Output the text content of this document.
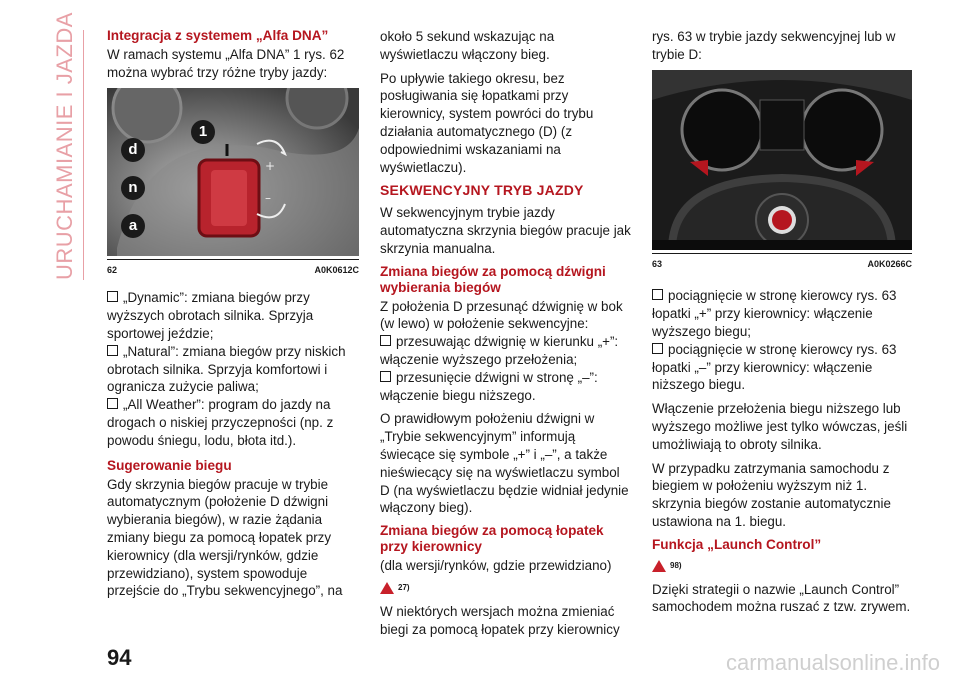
URUCHAMIANIE I JAZDA Integracja z systemem „Alfa DNA”

W ramach systemu „Alfa DNA” 1 rys. 62 można wybrać trzy różne tryby jazdy:

+
–
d
n
a
1
62	A0K0612C
„Dynamic”: zmiana biegów przy wyższych obrotach silnika. Sprzyja sportowej jeździe;
„Natural”: zmiana biegów przy niskich obrotach silnika. Sprzyja komfortowi i ogranicza zużycie paliwa;
„All Weather”: program do jazdy na drogach o niskiej przyczepności (np. z powodu śniegu, lodu, błota itd.).
Sugerowanie biegu

Gdy skrzynia biegów pracuje w trybie automatycznym (położenie D dźwigni wybierania biegów), w razie żądania zmiany biegu za pomocą łopatek przy kierownicy (dla wersji/rynków, gdzie przewidziano), system spowoduje przejście do „Trybu sekwencyjnego”, na

około 5 sekund wskazując na wyświetlaczu włączony bieg.

Po upływie takiego okresu, bez posługiwania się łopatkami przy kierownicy, system powróci do trybu działania automatycznego (D) (z odpowiednimi wskazaniami na wyświetlaczu).

SEKWENCYJNY TRYB JAZDY

W sekwencyjnym trybie jazdy automatyczna skrzynia biegów pracuje jak skrzynia manualna.

Zmiana biegów za pomocą dźwigni wybierania biegów

Z położenia D przesunąć dźwignię w bok (w lewo) w położenie sekwencyjne:

przesuwając dźwignię w kierunku „+”: włączenie wyższego przełożenia;
przesunięcie dźwigni w stronę „–”: włączenie biegu niższego.

O prawidłowym położeniu dźwigni w „Trybie sekwencyjnym” informują świecące się symbole „+” i „–”, a także nieświecący się na wyświetlaczu symbol D (na wyświetlaczu będzie widniał jedynie włączony bieg).

Zmiana biegów za pomocą łopatek przy kierownicy

(dla wersji/rynków, gdzie przewidziano)

27)

W niektórych wersjach można zmieniać biegi za pomocą łopatek przy kierownicy

rys. 63 w trybie jazdy sekwencyjnej lub w trybie D:

63	A0K0266C
pociągnięcie w stronę kierowcy rys. 63 łopatki „+” przy kierownicy: włączenie wyższego biegu;
pociągnięcie w stronę kierowcy rys. 63 łopatki „–” przy kierownicy: włączenie niższego biegu.

Włączenie przełożenia biegu niższego lub wyższego możliwe jest tylko wówczas, jeśli umożliwiają to obroty silnika.

W przypadku zatrzymania samochodu z biegiem w położeniu wyższym niż 1. skrzynia biegów zostanie automatycznie ustawiona na 1. biegu.

Funkcja „Launch Control”
98)

Dzięki strategii o nazwie „Launch Control” samochodem można ruszać z tzw. zrywem.

94	carmanualsonline.info
